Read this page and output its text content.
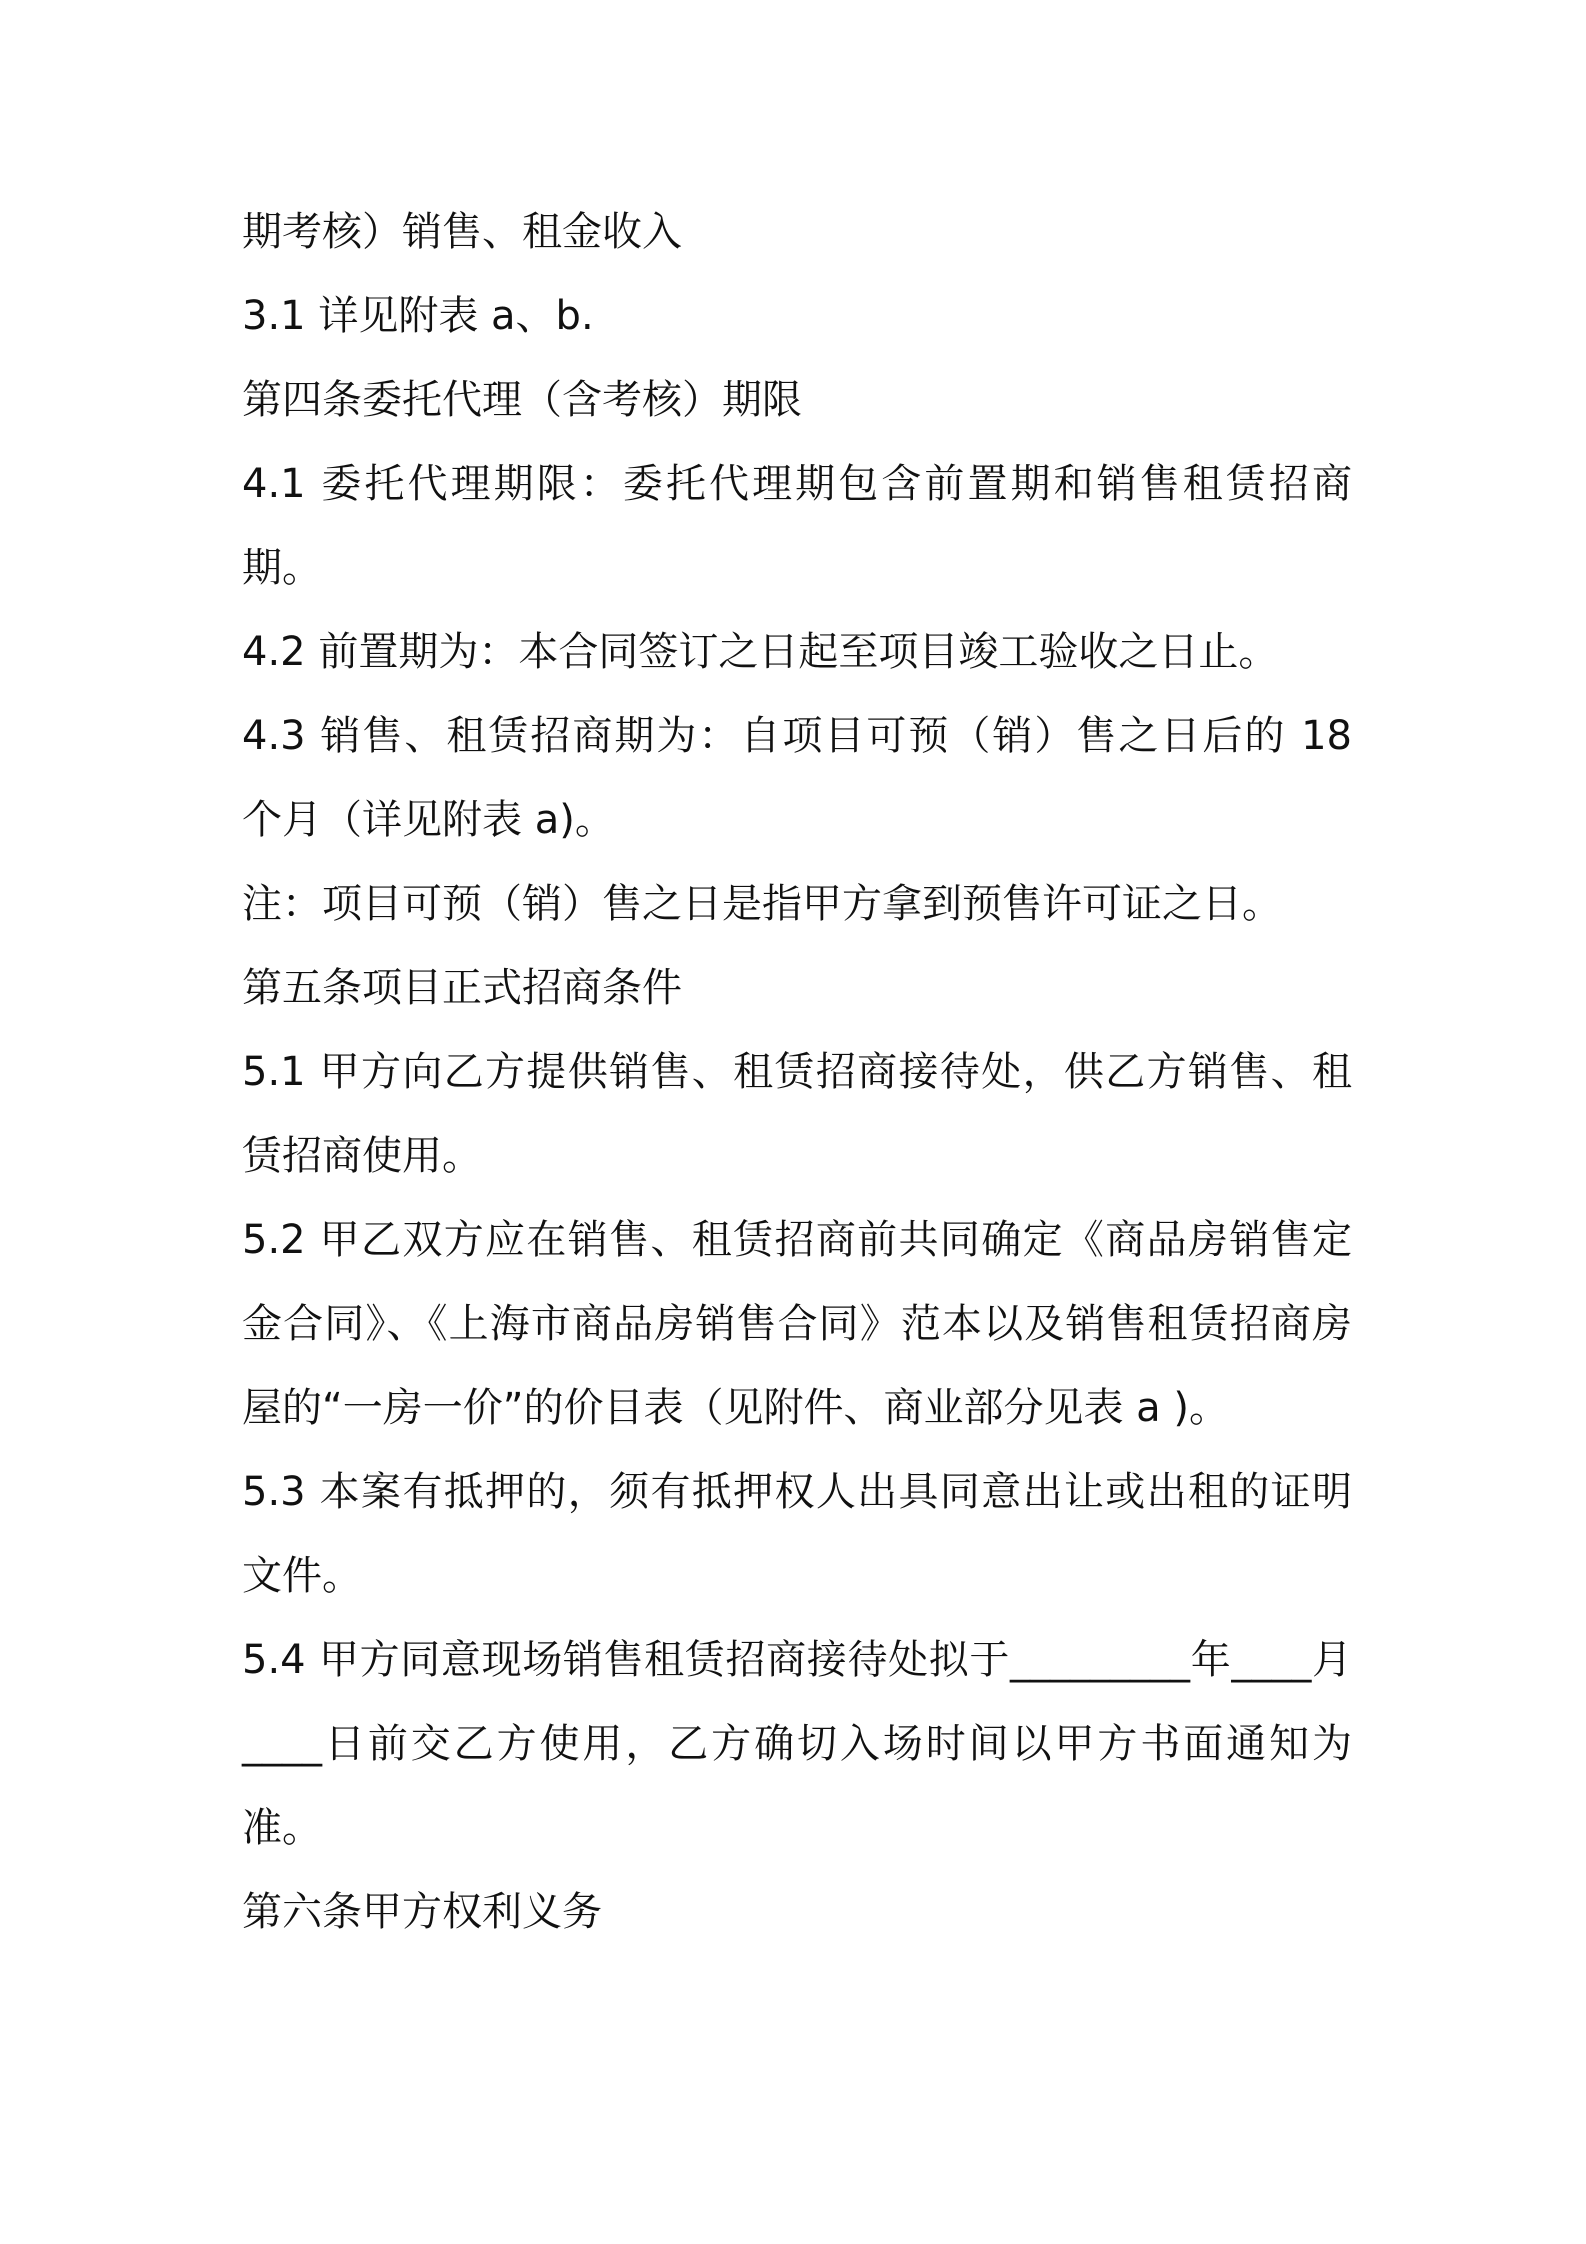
期考核）销售、租金收入

3.1 详见附表 a、b.

第四条委托代理（含考核）期限

4.1 委托代理期限：委托代理期包含前置期和销售租赁招商期。

4.2 前置期为：本合同签订之日起至项目竣工验收之日止。

4.3 销售、租赁招商期为：自项目可预（销）售之日后的 18 个月（详见附表 a)。

注：项目可预（销）售之日是指甲方拿到预售许可证之日。

第五条项目正式招商条件

5.1 甲方向乙方提供销售、租赁招商接待处，供乙方销售、租赁招商使用。

5.2 甲乙双方应在销售、租赁招商前共同确定《商品房销售定金合同》、《上海市商品房销售合同》范本以及销售租赁招商房屋的“一房一价”的价目表（见附件、商业部分见表 a )。

5.3 本案有抵押的，须有抵押权人出具同意出让或出租的证明文件。

5.4 甲方同意现场销售租赁招商接待处拟于_________年____月____日前交乙方使用，乙方确切入场时间以甲方书面通知为准。

第六条甲方权利义务
